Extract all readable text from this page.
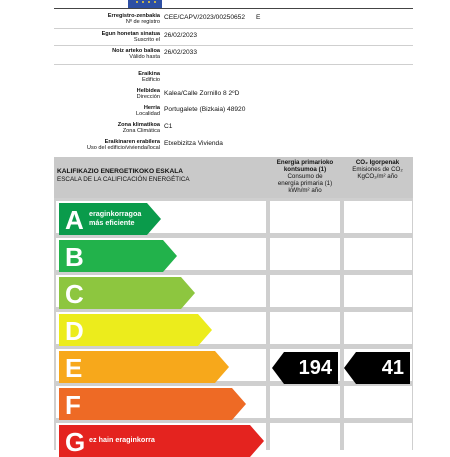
Erregistro-zenbakia
Nº de registro
CEE/CAPV/2023/00250652 E
Egun honetan sinatua
Suscrito el
26/02/2023
Noiz arteko balioa
Válido hasta
26/02/2033
Eraikina
Edificio
Helbidea
Dirección
Kalea/Calle Zornillo 8 2ºD
Herria
Localidad
Portugalete (Bizkaia) 48920
Zona klimatikoa
Zona Climática
C1
Eraikinaren erabilera
Uso del edificio/vivienda/local
Etxebizitza Vivienda
KALIFIKAZIO ENERGETIKOKO ESKALA
ESCALA DE LA CALIFICACIÓN ENERGÉTICA
Energia primarioko
kontsumoa (1)
Consumo de
energía primaria (1)
kWh/m² año
CO₂ Igorpenak
Emisiones de CO₂
KgCO₂/m² año
A eraginkorragoa
más eficiente
B
C
D
E
F
G ez hain eraginkorra
194 41
